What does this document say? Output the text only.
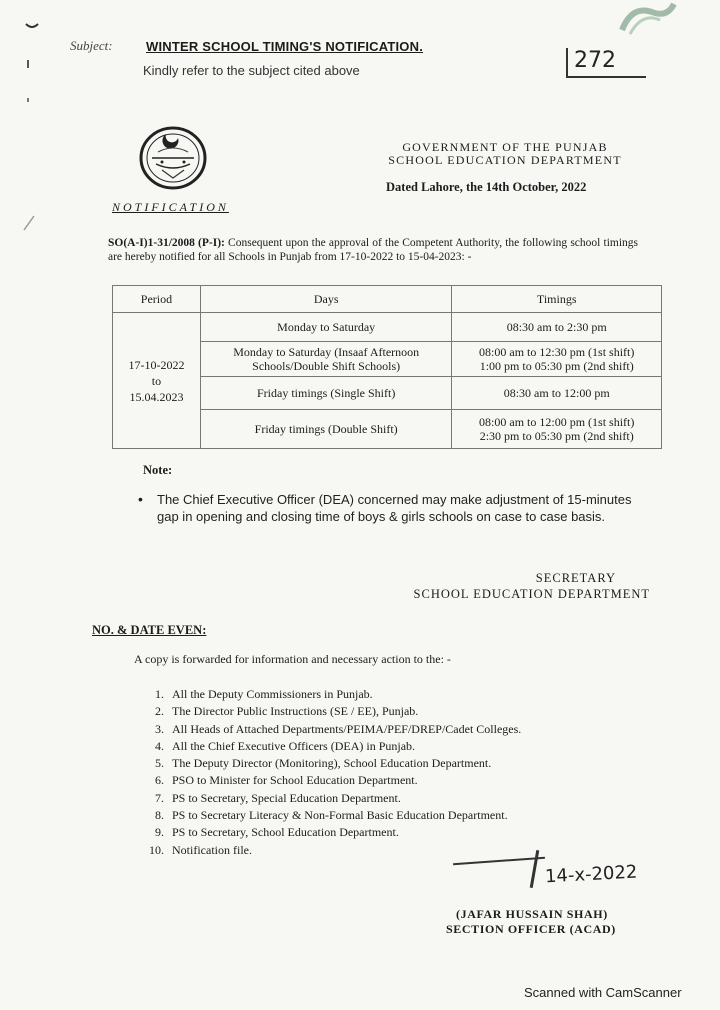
Subject:	WINTER SCHOOL TIMING'S NOTIFICATION.
Kindly refer to the subject cited above	272
GOVERNMENT OF THE PUNJAB
SCHOOL EDUCATION DEPARTMENT
Dated Lahore, the 14th October, 2022
NOTIFICATION
SO(A-I)1-31/2008 (P-I): Consequent upon the approval of the Competent Authority, the following school timings are hereby notified for all Schools in Punjab from 17-10-2022 to 15-04-2023: -
Period	Days	Timings

17-10-2022
to
15.04.2023	Monday to Saturday	08:30 am to 2:30 pm

	Monday to Saturday (Insaaf Afternoon Schools/Double Shift Schools)	08:00 am to 12:30 pm (1st shift)
1:00 pm to 05:30 pm (2nd shift)

	Friday timings (Single Shift)	08:30 am to 12:00 pm

	Friday timings (Double Shift)	08:00 am to 12:00 pm (1st shift)
2:30 pm to 05:30 pm (2nd shift)
Note:
• The Chief Executive Officer (DEA) concerned may make adjustment of 15-minutes gap in opening and closing time of boys & girls schools on case to case basis.
SECRETARY
SCHOOL EDUCATION DEPARTMENT
NO. & DATE EVEN:
A copy is forwarded for information and necessary action to the: -
1. All the Deputy Commissioners in Punjab.
2. The Director Public Instructions (SE / EE), Punjab.
3. All Heads of Attached Departments/PEIMA/PEF/DREP/Cadet Colleges.
4. All the Chief Executive Officers (DEA) in Punjab.
5. The Deputy Director (Monitoring), School Education Department.
6. PSO to Minister for School Education Department.
7. PS to Secretary, Special Education Department.
8. PS to Secretary Literacy & Non-Formal Basic Education Department.
9. PS to Secretary, School Education Department.
10. Notification file.
14-x-2022
(JAFAR HUSSAIN SHAH)
SECTION OFFICER (ACAD)
Scanned with CamScanner
